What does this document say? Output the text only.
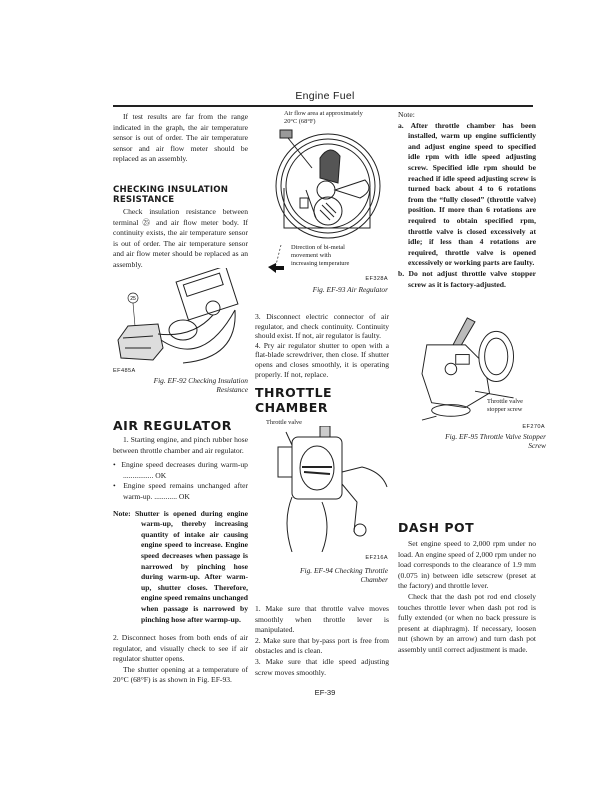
Engine Fuel

If test results are far from the range indicated in the graph, the air temperature sensor is out of order. The air temperature sensor and air flow meter should be replaced as an assembly.

CHECKING INSULATION
RESISTANCE

Check insulation resistance between terminal ㉕ and air flow meter body. If continuity exists, the air temperature sensor is out of order. The air temperature sensor and air flow meter should be replaced as an assembly.

25
EF485A
Fig. EF-92 Checking Insulation
Resistance
AIR REGULATOR

1. Starting engine, and pinch rubber hose between throttle chamber and air regulator.

•  Engine speed decreases during warm-up ................ OK

•  Engine speed remains unchanged after warm-up. ............ OK

Note: Shutter is opened during engine warm-up, thereby increasing quantity of intake air causing engine speed to increase. Engine speed decreases when passage is narrowed by pinching hose during warm-up. After warm-up, shutter closes. Therefore, engine speed remains unchanged when passage is narrowed by pinching hose after warmp-up.

2. Disconnect hoses from both ends of air regulator, and visually check to see if air regulator shutter opens.

The shutter opening at a temperature of 20°C (68°F) is as shown in Fig. EF-93.

Air flow area at approximately
20°C (68°F)
Direction of bi-metal
movement with
increasing temperature
EF328A
Fig. EF-93 Air Regulator

3. Disconnect electric connector of air regulator, and check continuity. Continuity should exist. If not, air regulator is faulty.

4. Pry air regulator shutter to open with a flat-blade screwdriver, then close. If shutter opens and closes smoothly, it is operating properly. If not, replace.

THROTTLE CHAMBER
Throttle valve
EF216A
Fig. EF-94 Checking Throttle
Chamber

1. Make sure that throttle valve moves smoothly when throttle lever is manipulated.

2. Make sure that by-pass port is free from obstacles and is clean.

3. Make sure that idle speed adjusting screw moves smoothly.

EF-39

Note:

a. After throttle chamber has been installed, warm up engine sufficiently and adjust engine speed to specified idle rpm with idle speed adjusting screw. Specified idle rpm should be reached if idle speed adjusting screw is turned back about 4 to 6 rotations from the “fully closed” (throttle valve) position. If more than 6 rotations are required to obtain specified rpm, throttle valve is closed excessively at idle; if less than 4 rotations are required, throttle valve is opened excessively or working parts are faulty.

b. Do not adjust throttle valve stopper screw as it is factory-adjusted.

Throttle valve
stopper screw
EF270A
Fig. EF-95 Throttle Valve Stopper
Screw
DASH POT

Set engine speed to 2,000 rpm under no load. An engine speed of 2,000 rpm under no load corresponds to the clearance of 1.9 mm (0.075 in) between idle setscrew (preset at the factory) and throttle lever.

Check that the dash pot rod end closely touches throttle lever when dash pot rod is fully extended (or when no back pressure is present at diaphragm). If necessary, loosen nut (shown by an arrow) and turn dash pot assembly until correct adjustment is made.
